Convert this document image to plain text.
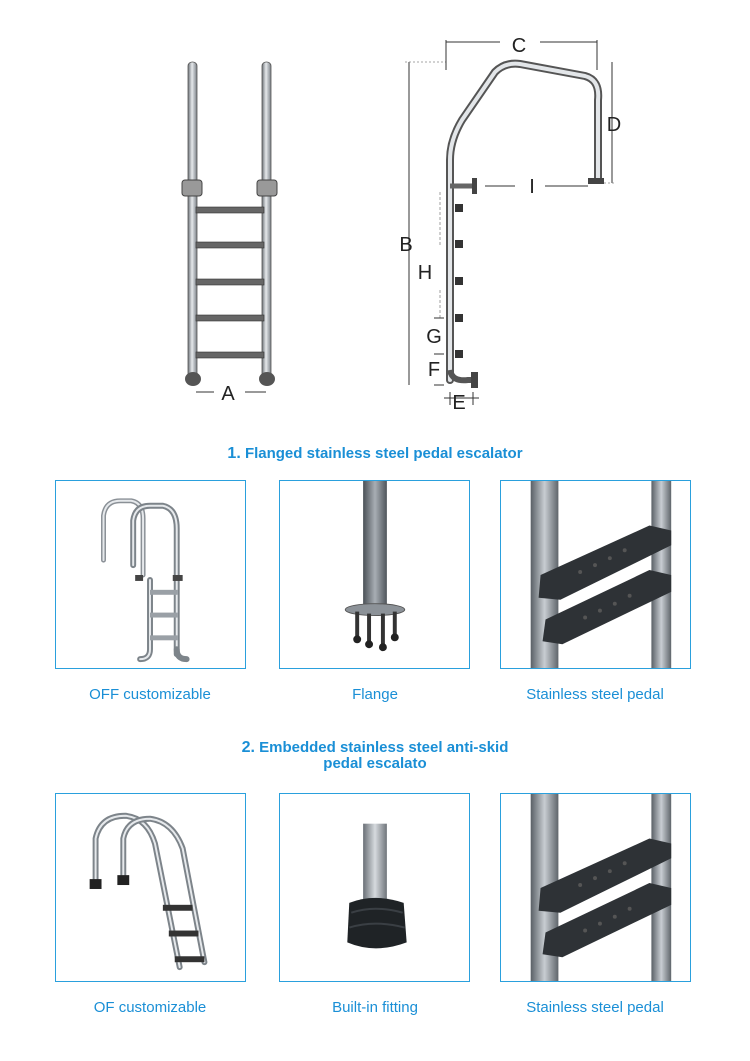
A
C
D
I
B
H
G
F
E
1. Flanged stainless steel pedal escalator
OFF customizable	Flange	Stainless steel pedal
2. Embedded stainless steel anti-skid
pedal escalato
OF customizable	Built-in fitting	Stainless steel pedal
